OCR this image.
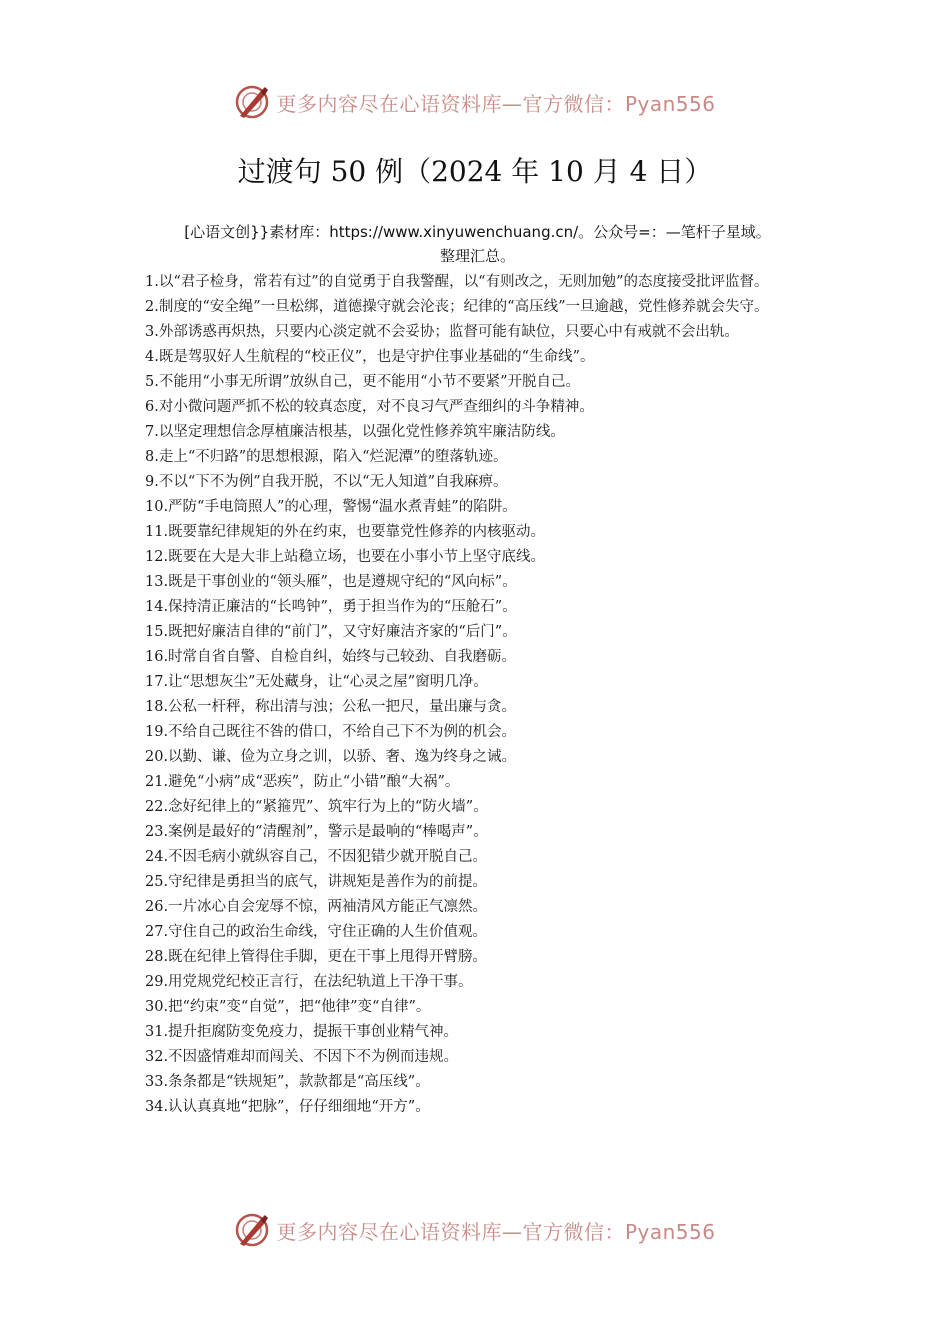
更多内容尽在心语资料库—官方微信：Pyan556
过渡句 50 例（2024 年 10 月 4 日）
[心语文创}}素材库：https://www.xinyuwenchuang.cn/。公众号=：—笔杆子星域。
整理汇总。
1.以“君子检身，常若有过”的自觉勇于自我警醒，以“有则改之，无则加勉”的态度接受批评监督。
2.制度的“安全绳”一旦松绑，道德操守就会沦丧；纪律的“高压线”一旦逾越，党性修养就会失守。
3.外部诱惑再炽热，只要内心淡定就不会妥协；监督可能有缺位，只要心中有戒就不会出轨。
4.既是驾驭好人生航程的“校正仪”，也是守护住事业基础的“生命线”。
5.不能用“小事无所谓”放纵自己，更不能用“小节不要紧”开脱自己。
6.对小微问题严抓不松的较真态度，对不良习气严查细纠的斗争精神。
7.以坚定理想信念厚植廉洁根基，以强化党性修养筑牢廉洁防线。
8.走上“不归路”的思想根源，陷入“烂泥潭”的堕落轨迹。
9.不以“下不为例”自我开脱，不以“无人知道”自我麻痹。
10.严防“手电筒照人”的心理，警惕“温水煮青蛙”的陷阱。
11.既要靠纪律规矩的外在约束，也要靠党性修养的内核驱动。
12.既要在大是大非上站稳立场，也要在小事小节上坚守底线。
13.既是干事创业的“领头雁”，也是遵规守纪的“风向标”。
14.保持清正廉洁的“长鸣钟”，勇于担当作为的“压舱石”。
15.既把好廉洁自律的“前门”，又守好廉洁齐家的“后门”。
16.时常自省自警、自检自纠，始终与己较劲、自我磨砺。
17.让“思想灰尘”无处藏身，让“心灵之屋”窗明几净。
18.公私一杆秤，称出清与浊；公私一把尺，量出廉与贪。
19.不给自己既往不咎的借口，不给自己下不为例的机会。
20.以勤、谦、俭为立身之训，以骄、奢、逸为终身之诫。
21.避免“小病”成“恶疾”，防止“小错”酿“大祸”。
22.念好纪律上的“紧箍咒”、筑牢行为上的“防火墙”。
23.案例是最好的“清醒剂”，警示是最响的“棒喝声”。
24.不因毛病小就纵容自己，不因犯错少就开脱自己。
25.守纪律是勇担当的底气，讲规矩是善作为的前提。
26.一片冰心自会宠辱不惊，两袖清风方能正气凛然。
27.守住自己的政治生命线，守住正确的人生价值观。
28.既在纪律上管得住手脚，更在干事上甩得开臂膀。
29.用党规党纪校正言行，在法纪轨道上干净干事。
30.把“约束”变“自觉”，把“他律”变“自律”。
31.提升拒腐防变免疫力，提振干事创业精气神。
32.不因盛情难却而闯关、不因下不为例而违规。
33.条条都是“铁规矩”，款款都是“高压线”。
34.认认真真地“把脉”，仔仔细细地“开方”。
更多内容尽在心语资料库—官方微信：Pyan556
